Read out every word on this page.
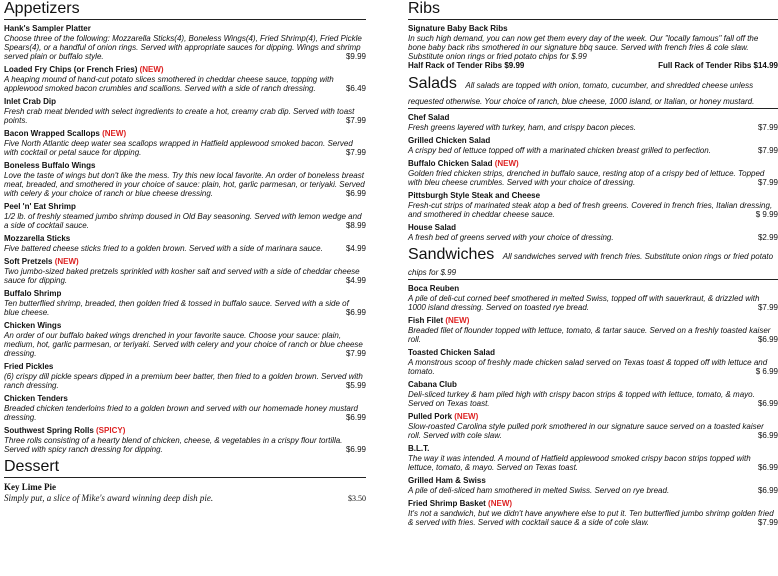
Appetizers
Hank's Sampler Platter
Choose three of the following: Mozzarella Sticks(4), Boneless Wings(4), Fried Shrimp(4), Fried Pickle Spears(4), or a handful of onion rings. Served with appropriate sauces for dipping. Wings and shrimp served plain or buffalo style.	$9.99
Loaded Fry Chips (or French Fries) (NEW)
A heaping mound of hand-cut potato slices smothered in cheddar cheese sauce, topping with applewood smoked bacon crumbles and scallions. Served with a side of ranch dressing.	$6.49
Inlet Crab Dip
Fresh crab meat blended with select ingredients to create a hot, creamy crab dip. Served with toast points.	$7.99
Bacon Wrapped Scallops (NEW)
Five North Atlantic deep water sea scallops wrapped in Hatfield applewood smoked bacon. Served with cocktail or petal sauce for dipping.	$7.99
Boneless Buffalo Wings
Love the taste of wings but don't like the mess. Try this new local favorite. An order of boneless breast meat, breaded, and smothered in your choice of sauce: plain, hot, garlic parmesan, or teriyaki. Served with celery & your choice of ranch or blue cheese dressing.	$6.99
Peel 'n' Eat Shrimp
1/2 lb. of freshly steamed jumbo shrimp doused in Old Bay seasoning. Served with lemon wedge and a side of cocktail sauce.	$8.99
Mozzarella Sticks
Five battered cheese sticks fried to a golden brown. Served with a side of marinara sauce.	$4.99
Soft Pretzels (NEW)
Two jumbo-sized baked pretzels sprinkled with kosher salt and served with a side of cheddar cheese sauce for dipping.	$4.99
Buffalo Shrimp
Ten butterflied shrimp, breaded, then golden fried & tossed in buffalo sauce. Served with a side of blue cheese.	$6.99
Chicken Wings
An order of our buffalo baked wings drenched in your favorite sauce. Choose your sauce: plain, medium, hot, garlic parmesan, or teriyaki. Served with celery and your choice of ranch or blue cheese dressing.	$7.99
Fried Pickles
(6) crispy dill pickle spears dipped in a premium beer batter, then fried to a golden brown. Served with ranch dressing.	$5.99
Chicken Tenders
Breaded chicken tenderloins fried to a golden brown and served with our homemade honey mustard dressing.	$6.99
Southwest Spring Rolls (SPICY)
Three rolls consisting of a hearty blend of chicken, cheese, & vegetables in a crispy flour tortilla. Served with spicy ranch dressing for dipping.	$6.99
Dessert
Key Lime Pie
Simply put, a slice of Mike's award winning deep dish pie.	$3.50
Ribs
Signature Baby Back Ribs
In such high demand, you can now get them every day of the week. Our "locally famous" fall off the bone baby back ribs smothered in our signature bbq sauce. Served with french fries & cole slaw. Substitute onion rings or fried potato chips for $.99
Half Rack of Tender Ribs $9.99	Full Rack of Tender Ribs $14.99
Salads All salads are topped with onion, tomato, cucumber, and shredded cheese unless requested otherwise. Your choice of ranch, blue cheese, 1000 island, or Italian, or honey mustard.
Chef Salad
Fresh greens layered with turkey, ham, and crispy bacon pieces.	$7.99
Grilled Chicken Salad
A crispy bed of lettuce topped off with a marinated chicken breast grilled to perfection.	$7.99
Buffalo Chicken Salad (NEW)
Golden fried chicken strips, drenched in buffalo sauce, resting atop of a crispy bed of lettuce. Topped with bleu cheese crumbles. Served with your choice of dressing.	$7.99
Pittsburgh Style Steak and Cheese
Fresh-cut strips of marinated steak atop a bed of fresh greens. Covered in french fries, Italian dressing, and smothered in cheddar cheese sauce.	$ 9.99
House Salad
A fresh bed of greens served with your choice of dressing.	$2.99
Sandwiches All sandwiches served with french fries. Substitute onion rings or fried potato chips for $.99
Boca Reuben
A pile of deli-cut corned beef smothered in melted Swiss, topped off with sauerkraut, & drizzled with 1000 island dressing. Served on toasted rye bread.	$7.99
Fish Filet (NEW)
Breaded filet of flounder topped with lettuce, tomato, & tartar sauce. Served on a freshly toasted kaiser roll.	$6.99
Toasted Chicken Salad
A monstrous scoop of freshly made chicken salad served on Texas toast & topped off with lettuce and tomato.	$ 6.99
Cabana Club
Deli-sliced turkey & ham piled high with crispy bacon strips & topped with lettuce, tomato, & mayo. Served on Texas toast.	$6.99
Pulled Pork (NEW)
Slow-roasted Carolina style pulled pork smothered in our signature sauce served on a toasted kaiser roll. Served with cole slaw.	$6.99
B.L.T.
The way it was intended. A mound of Hatfield applewood smoked crispy bacon strips topped with lettuce, tomato, & mayo. Served on Texas toast.	$6.99
Grilled Ham & Swiss
A pile of deli-sliced ham smothered in melted Swiss. Served on rye bread.	$6.99
Fried Shrimp Basket (NEW)
It's not a sandwich, but we didn't have anywhere else to put it. Ten butterflied jumbo shrimp golden fried & served with fries. Served with cocktail sauce & a side of cole slaw.	$7.99
